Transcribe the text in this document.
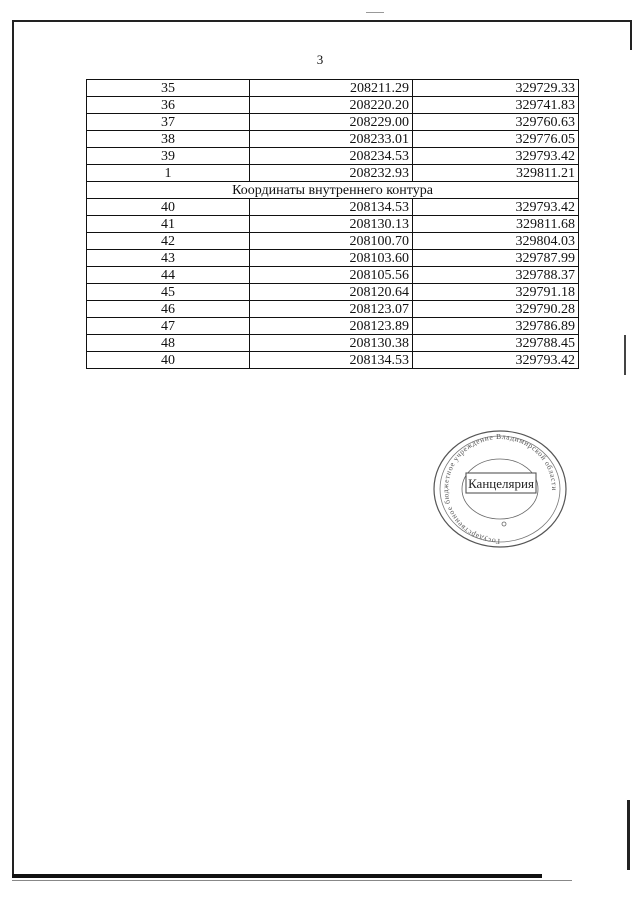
3
35	208211.29	329729.33
36	208220.20	329741.83
37	208229.00	329760.63
38	208233.01	329776.05
39	208234.53	329793.42
1	208232.93	329811.21
Координаты внутреннего контура		
40	208134.53	329793.42
41	208130.13	329811.68
42	208100.70	329804.03
43	208103.60	329787.99
44	208105.56	329788.37
45	208120.64	329791.18
46	208123.07	329790.28
47	208123.89	329786.89
48	208130.38	329788.45
40	208134.53	329793.42
Государственное бюджетное учреждение Владимирской области
Канцелярия
